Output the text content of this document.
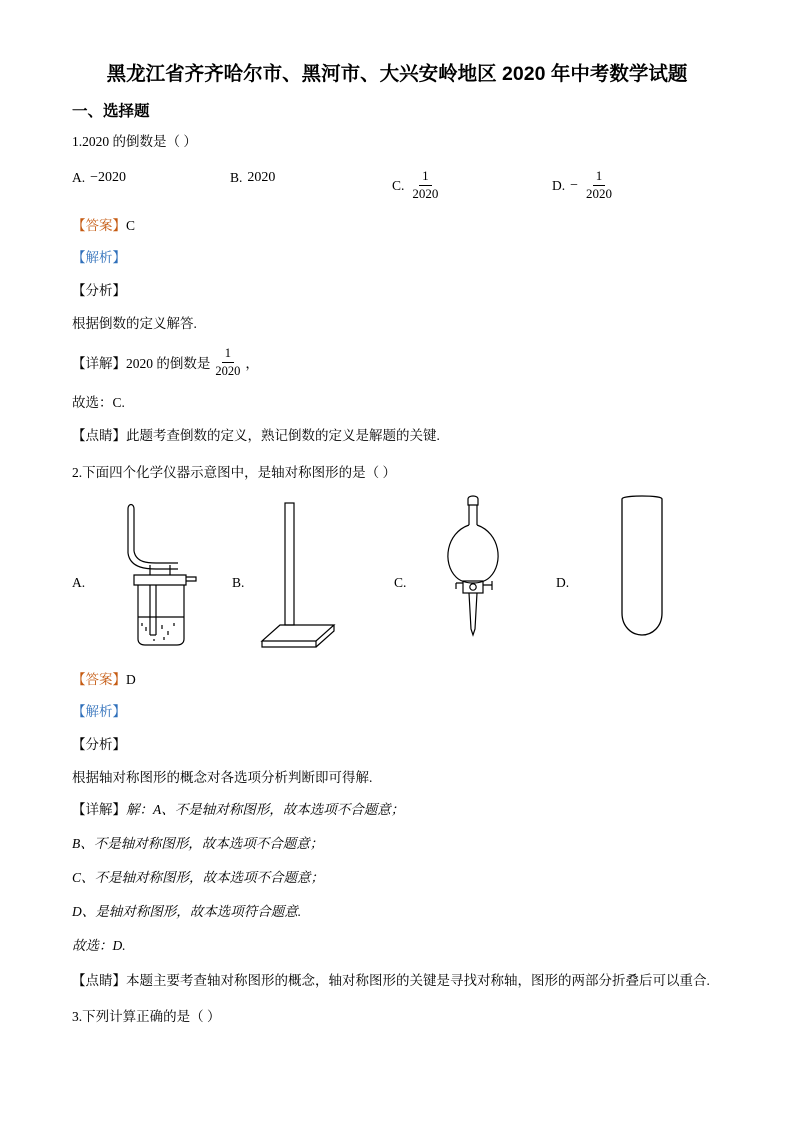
黑龙江省齐齐哈尔市、黑河市、大兴安岭地区 2020 年中考数学试题
一、选择题
1.2020 的倒数是（ ）
A. −2020	B. 2020
C. $\frac{1}{2020}$	D. − $\frac{1}{2020}$
【答案】C
【解析】
【分析】
根据倒数的定义解答.
【详解】 2020 的倒数是 $\frac{1}{2020}$ ，
故选：C.
【点睛】此题考查倒数的定义，熟记倒数的定义是解题的关键.
2.下面四个化学仪器示意图中，是轴对称图形的是（ ）
A.	B.	C.	D.
【答案】D
【解析】
【分析】
根据轴对称图形的概念对各选项分析判断即可得解.
【详解】解：A、不是轴对称图形，故本选项不合题意；
B、不是轴对称图形，故本选项不合题意；
C、不是轴对称图形，故本选项不合题意；
D、是轴对称图形，故本选项符合题意.
故选：D.
【点睛】本题主要考查轴对称图形的概念，轴对称图形的关键是寻找对称轴，图形的两部分折叠后可以重合.
3.下列计算正确的是（ ）
